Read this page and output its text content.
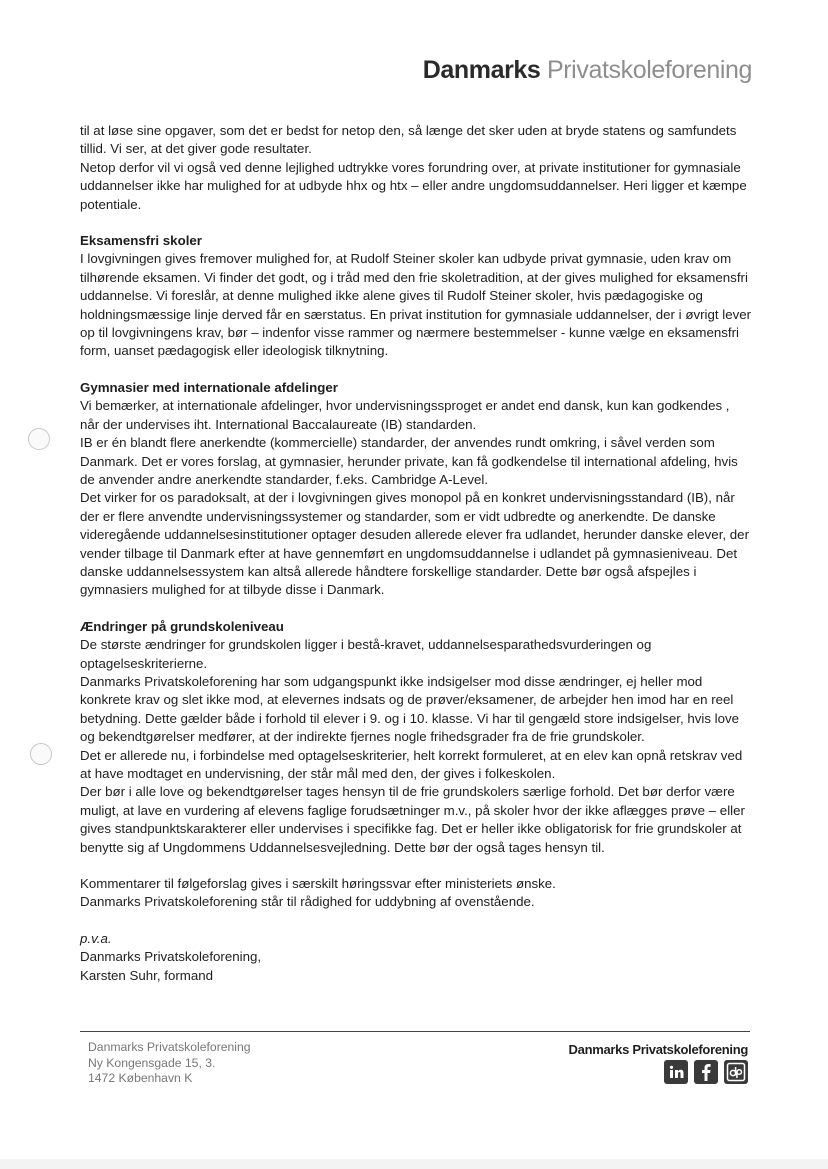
Danmarks Privatskoleforening

til at løse sine opgaver, som det er bedst for netop den, så længe det sker uden at bryde statens og samfundets tillid. Vi ser, at det giver gode resultater.

Netop derfor vil vi også ved denne lejlighed udtrykke vores forundring over, at private institutioner for gymnasiale uddannelser ikke har mulighed for at udbyde hhx og htx – eller andre ungdomsuddannelser. Heri ligger et kæmpe potentiale.

Eksamensfri skoler

I lovgivningen gives fremover mulighed for, at Rudolf Steiner skoler kan udbyde privat gymnasie, uden krav om tilhørende eksamen. Vi finder det godt, og i tråd med den frie skoletradition, at der gives mulighed for eksamensfri uddannelse. Vi foreslår, at denne mulighed ikke alene gives til Rudolf Steiner skoler, hvis pædagogiske og holdningsmæssige linje derved får en særstatus. En privat institution for gymnasiale uddannelser, der i øvrigt lever op til lovgivningens krav, bør – indenfor visse rammer og nærmere bestemmelser - kunne vælge en eksamensfri form, uanset pædagogisk eller ideologisk tilknytning.

Gymnasier med internationale afdelinger

Vi bemærker, at internationale afdelinger, hvor undervisningssproget er andet end dansk, kun kan godkendes , når der undervises iht. International Baccalaureate (IB) standarden.

IB er én blandt flere anerkendte (kommercielle) standarder, der anvendes rundt omkring, i såvel verden som Danmark. Det er vores forslag, at gymnasier, herunder private, kan få godkendelse til international afdeling, hvis de anvender andre anerkendte standarder, f.eks. Cambridge A-Level.

Det virker for os paradoksalt, at der i lovgivningen gives monopol på en konkret undervisningsstandard (IB), når der er flere anvendte undervisningssystemer og standarder, som er vidt udbredte og anerkendte. De danske videregående uddannelsesinstitutioner optager desuden allerede elever fra udlandet, herunder danske elever, der vender tilbage til Danmark efter at have gennemført en ungdomsuddannelse i udlandet på gymnasieniveau. Det danske uddannelsessystem kan altså allerede håndtere forskellige standarder. Dette bør også afspejles i gymnasiers mulighed for at tilbyde disse i Danmark.

Ændringer på grundskoleniveau

De største ændringer for grundskolen ligger i bestå-kravet, uddannelsesparathedsvurderingen og optagelseskriterierne.

Danmarks Privatskoleforening har som udgangspunkt ikke indsigelser mod disse ændringer, ej heller mod konkrete krav og slet ikke mod, at elevernes indsats og de prøver/eksamener, de arbejder hen imod har en reel betydning. Dette gælder både i forhold til elever i 9. og i 10. klasse. Vi har til gengæld store indsigelser, hvis love og bekendtgørelser medfører, at der indirekte fjernes nogle frihedsgrader fra de frie grundskoler.

Det er allerede nu, i forbindelse med optagelseskriterier, helt korrekt formuleret, at en elev kan opnå retskrav ved at have modtaget en undervisning, der står mål med den, der gives i folkeskolen.

Der bør i alle love og bekendtgørelser tages hensyn til de frie grundskolers særlige forhold. Det bør derfor være muligt, at lave en vurdering af elevens faglige forudsætninger m.v., på skoler hvor der ikke aflægges prøve – eller gives standpunktskarakterer eller undervises i specifikke fag. Det er heller ikke obligatorisk for frie grundskoler at benytte sig af Ungdommens Uddannelsesvejledning. Dette bør der også tages hensyn til.

Kommentarer til følgeforslag gives i særskilt høringssvar efter ministeriets ønske.

Danmarks Privatskoleforening står til rådighed for uddybning af ovenstående.

p.v.a.

Danmarks Privatskoleforening,

Karsten Suhr, formand

Danmarks Privatskoleforening
Ny Kongensgade 15, 3.
1472 København K
Danmarks Privatskoleforening
